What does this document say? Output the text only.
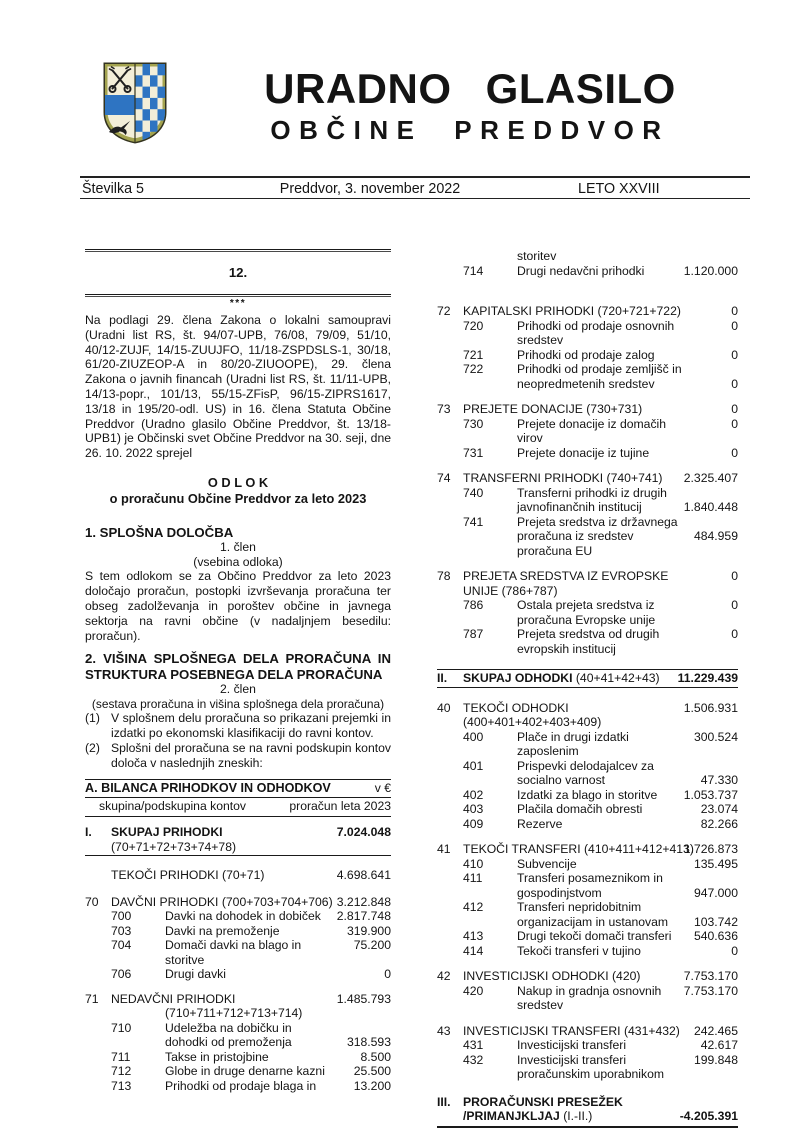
URADNO GLASILO
OBČINE PREDDVOR
Številka 5	Preddvor, 3. november 2022	LETO XXVIII
12.
***
Na podlagi 29. člena Zakona o lokalni samoupravi (Uradni list RS, št. 94/07-UPB, 76/08, 79/09, 51/10, 40/12-ZUJF, 14/15-ZUUJFO, 11/18-ZSPDSLS-1, 30/18, 61/20-ZIUZEOP-A in 80/20-ZIUOOPE), 29. člena Zakona o javnih financah (Uradni list RS, št. 11/11-UPB, 14/13-popr., 101/13, 55/15-ZFisP, 96/15-ZIPRS1617, 13/18 in 195/20-odl. US) in 16. člena Statuta Občine Preddvor (Uradno glasilo Občine Preddvor, št. 13/18-UPB1) je Občinski svet Občine Preddvor na 30. seji, dne 26. 10. 2022 sprejel
O D L O K
o proračunu Občine Preddvor za leto 2023
1. SPLOŠNA DOLOČBA
1. člen
(vsebina odloka)
S tem odlokom se za Občino Preddvor za leto 2023 določajo proračun, postopki izvrševanja proračuna ter obseg zadolževanja in poroštev občine in javnega sektorja na ravni občine (v nadaljnjem besedilu: proračun).
2. VIŠINA SPLOŠNEGA DELA PRORAČUNA IN STRUKTURA POSEBNEGA DELA PRORAČUNA
2. člen
(sestava proračuna in višina splošnega dela proračuna)
(1) V splošnem delu proračuna so prikazani prejemki in izdatki po ekonomski klasifikaciji do ravni kontov.
(2) Splošni del proračuna se na ravni podskupin kontov določa v naslednjih zneskih:
A. BILANCA PRIHODKOV IN ODHODKOV	v €
skupina/podskupina kontov	proračun leta 2023
I.	SKUPAJ PRIHODKI	7.024.048
(70+71+72+73+74+78)
TEKOČI PRIHODKI (70+71)	4.698.641
70	DAVČNI PRIHODKI (700+703+704+706) 3.212.848
700	Davki na dohodek in dobiček	2.817.748
703	Davki na premoženje	319.900
704	Domači davki na blago in	75.200
storitve
706	Drugi davki	0
71	NEDAVČNI PRIHODKI	1.485.793
(710+711+712+713+714)
710	Udeležba na dobičku in
dohodki od premoženja	318.593
711	Takse in pristojbine	8.500
712	Globe in druge denarne kazni	25.500
713	Prihodki od prodaje blaga in	13.200
storitev
714	Drugi nedavčni prihodki	1.120.000
72	KAPITALSKI PRIHODKI (720+721+722)	0
720	Prihodki od prodaje osnovnih	0
sredstev
721	Prihodki od prodaje zalog	0
722	Prihodki od prodaje zemljišč in
neopredmetenih sredstev	0
73	PREJETE DONACIJE (730+731)	0
730	Prejete donacije iz domačih	0
virov
731	Prejete donacije iz tujine	0
74	TRANSFERNI PRIHODKI (740+741)	2.325.407
740	Transferni prihodki iz drugih
javnofinančnih institucij	1.840.448
741	Prejeta sredstva iz državnega
proračuna iz sredstev	484.959
proračuna EU
78	PREJETA SREDSTVA IZ EVROPSKE	0
UNIJE (786+787)
786	Ostala prejeta sredstva iz	0
proračuna Evropske unije
787	Prejeta sredstva od drugih	0
evropskih institucij
II.	SKUPAJ ODHODKI (40+41+42+43)	11.229.439
40	TEKOČI ODHODKI	1.506.931
(400+401+402+403+409)
400	Plače in drugi izdatki	300.524
zaposlenim
401	Prispevki delodajalcev za
socialno varnost	47.330
402	Izdatki za blago in storitve	1.053.737
403	Plačila domačih obresti	23.074
409	Rezerve	82.266
41	TEKOČI TRANSFERI (410+411+412+413)
1.726.873
410	Subvencije	135.495
411	Transferi posameznikom in
gospodinjstvom	947.000
412	Transferi nepridobitnim
organizacijam in ustanovam	103.742
413	Drugi tekoči domači transferi	540.636
414	Tekoči transferi v tujino	0
42	INVESTICIJSKI ODHODKI (420)	7.753.170
420	Nakup in gradnja osnovnih	7.753.170
sredstev
43	INVESTICIJSKI TRANSFERI (431+432)	242.465
431	Investicijski transferi	42.617
432	Investicijski transferi	199.848
proračunskim uporabnikom
III.	PRORAČUNSKI PRESEŽEK
/PRIMANJKLJAJ (I.-II.)	-4.205.391
